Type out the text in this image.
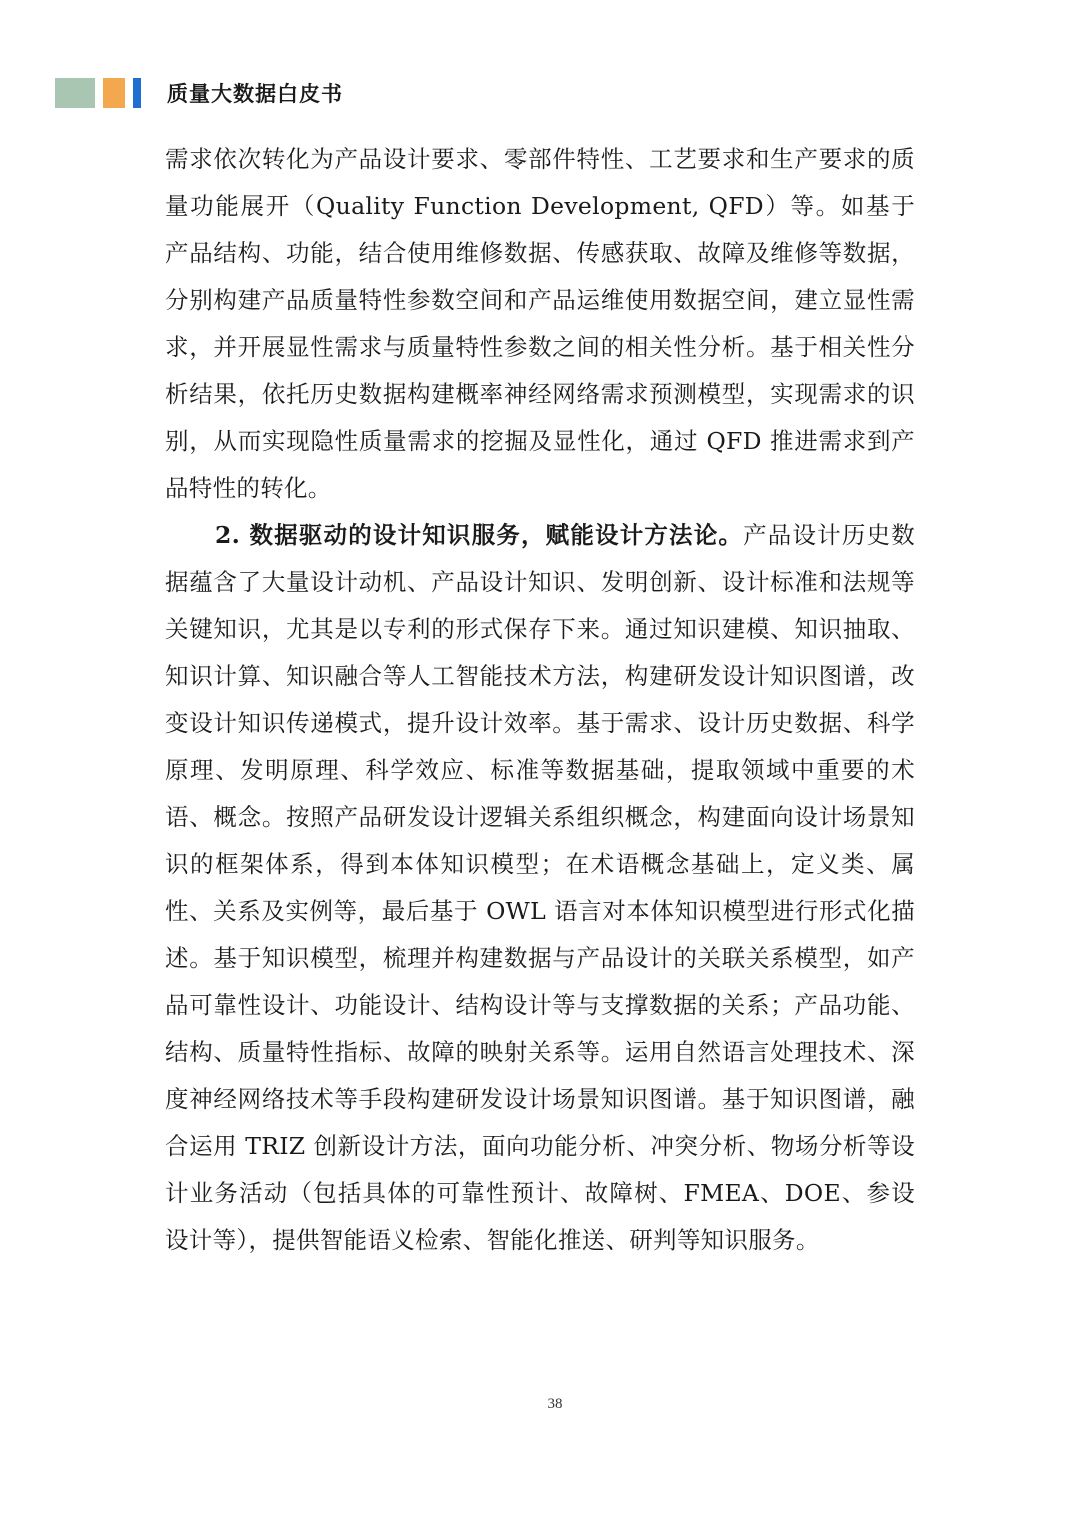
质量大数据白皮书

需求依次转化为产品设计要求、零部件特性、工艺要求和生产要求的质量功能展开（Quality Function Development, QFD）等。如基于产品结构、功能，结合使用维修数据、传感获取、故障及维修等数据，分别构建产品质量特性参数空间和产品运维使用数据空间，建立显性需求，并开展显性需求与质量特性参数之间的相关性分析。基于相关性分析结果，依托历史数据构建概率神经网络需求预测模型，实现需求的识别，从而实现隐性质量需求的挖掘及显性化，通过 QFD 推进需求到产品特性的转化。

2. 数据驱动的设计知识服务，赋能设计方法论。产品设计历史数据蕴含了大量设计动机、产品设计知识、发明创新、设计标准和法规等关键知识，尤其是以专利的形式保存下来。通过知识建模、知识抽取、知识计算、知识融合等人工智能技术方法，构建研发设计知识图谱，改变设计知识传递模式，提升设计效率。基于需求、设计历史数据、科学原理、发明原理、科学效应、标准等数据基础，提取领域中重要的术语、概念。按照产品研发设计逻辑关系组织概念，构建面向设计场景知识的框架体系，得到本体知识模型；在术语概念基础上，定义类、属性、关系及实例等，最后基于 OWL 语言对本体知识模型进行形式化描述。基于知识模型，梳理并构建数据与产品设计的关联关系模型，如产品可靠性设计、功能设计、结构设计等与支撑数据的关系；产品功能、结构、质量特性指标、故障的映射关系等。运用自然语言处理技术、深度神经网络技术等手段构建研发设计场景知识图谱。基于知识图谱，融合运用 TRIZ 创新设计方法，面向功能分析、冲突分析、物场分析等设计业务活动（包括具体的可靠性预计、故障树、FMEA、DOE、参设设计等），提供智能语义检索、智能化推送、研判等知识服务。

38
